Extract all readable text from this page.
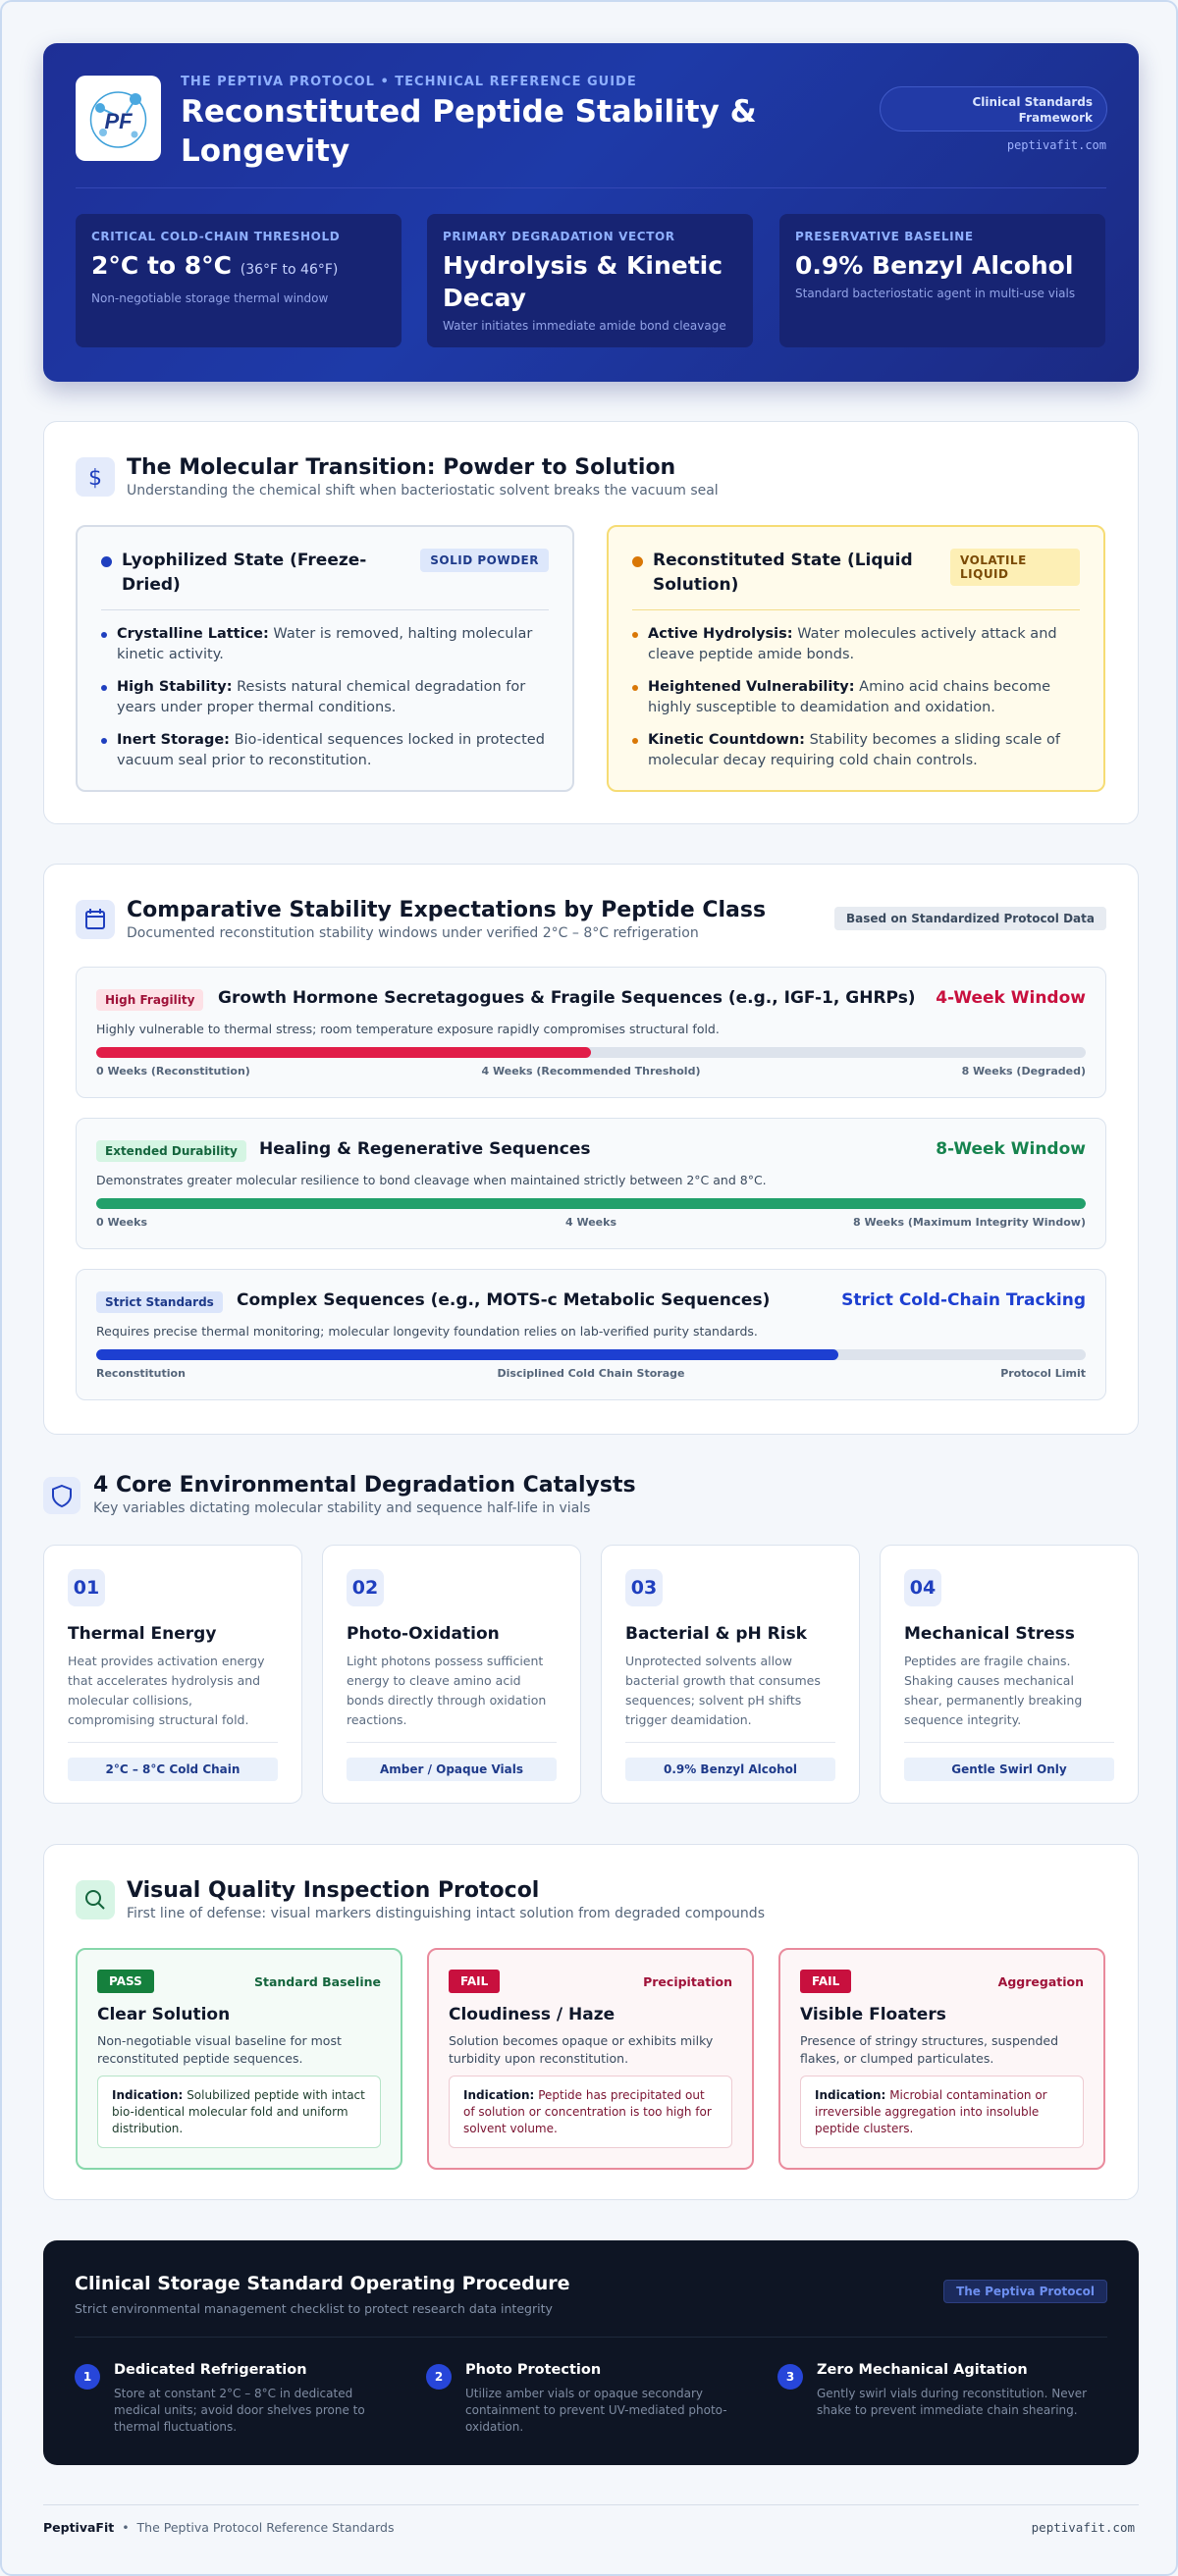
PF
THE PEPTIVA PROTOCOL • TECHNICAL REFERENCE GUIDE
Reconstituted Peptide Stability & Longevity
Clinical Standards
Framework
peptivafit.com
CRITICAL COLD-CHAIN THRESHOLD
2°C to 8°C (36°F to 46°F)
Non-negotiable storage thermal window
PRIMARY DEGRADATION VECTOR
Hydrolysis & Kinetic Decay
Water initiates immediate amide bond cleavage
PRESERVATIVE BASELINE
0.9% Benzyl Alcohol
Standard bacteriostatic agent in multi-use vials
$ The Molecular Transition: Powder to Solution
Understanding the chemical shift when bacteriostatic solvent breaks the vacuum seal
Lyophilized State (Freeze-Dried)
SOLID POWDER
Crystalline Lattice: Water is removed, halting molecular kinetic activity.
High Stability: Resists natural chemical degradation for years under proper thermal conditions.
Inert Storage: Bio-identical sequences locked in protected vacuum seal prior to reconstitution.
Reconstituted State (Liquid Solution)
VOLATILE LIQUID
Active Hydrolysis: Water molecules actively attack and cleave peptide amide bonds.
Heightened Vulnerability: Amino acid chains become highly susceptible to deamidation and oxidation.
Kinetic Countdown: Stability becomes a sliding scale of molecular decay requiring cold chain controls.
Comparative Stability Expectations by Peptide Class
Documented reconstitution stability windows under verified 2°C – 8°C refrigeration
Based on Standardized Protocol Data
High Fragility	Growth Hormone Secretagogues & Fragile Sequences (e.g., IGF-1, GHRPs) 4-Week Window
Highly vulnerable to thermal stress; room temperature exposure rapidly compromises structural fold.
0 Weeks (Reconstitution)	4 Weeks (Recommended Threshold)	8 Weeks (Degraded)
Extended Durability	Healing & Regenerative Sequences	8-Week Window
Demonstrates greater molecular resilience to bond cleavage when maintained strictly between 2°C and 8°C.
0 Weeks	4 Weeks	8 Weeks (Maximum Integrity Window)
Strict Standards	Complex Sequences (e.g., MOTS-c Metabolic Sequences)	Strict Cold-Chain Tracking
Requires precise thermal monitoring; molecular longevity foundation relies on lab-verified purity standards.
Reconstitution	Disciplined Cold Chain Storage	Protocol Limit
4 Core Environmental Degradation Catalysts
Key variables dictating molecular stability and sequence half-life in vials
01
Thermal Energy
Heat provides activation energy that accelerates hydrolysis and molecular collisions, compromising structural fold.
2°C – 8°C Cold Chain
02
Photo-Oxidation
Light photons possess sufficient energy to cleave amino acid bonds directly through oxidation reactions.
Amber / Opaque Vials
03
Bacterial & pH Risk
Unprotected solvents allow bacterial growth that consumes sequences; solvent pH shifts trigger deamidation.
0.9% Benzyl Alcohol
04
Mechanical Stress
Peptides are fragile chains. Shaking causes mechanical shear, permanently breaking sequence integrity.
Gentle Swirl Only
Visual Quality Inspection Protocol
First line of defense: visual markers distinguishing intact solution from degraded compounds
PASS	Standard Baseline
Clear Solution
Non-negotiable visual baseline for most reconstituted peptide sequences.
Indication: Solubilized peptide with intact bio-identical molecular fold and uniform distribution.
FAIL	Precipitation
Cloudiness / Haze
Solution becomes opaque or exhibits milky turbidity upon reconstitution.
Indication: Peptide has precipitated out of solution or concentration is too high for solvent volume.
FAIL	Aggregation
Visible Floaters
Presence of stringy structures, suspended flakes, or clumped particulates.
Indication: Microbial contamination or irreversible aggregation into insoluble peptide clusters.
Clinical Storage Standard Operating Procedure
Strict environmental management checklist to protect research data integrity
The Peptiva Protocol
1	Dedicated Refrigeration
Store at constant 2°C – 8°C in dedicated medical units; avoid door shelves prone to thermal fluctuations.
2	Photo Protection
Utilize amber vials or opaque secondary containment to prevent UV-mediated photo-oxidation.
3	Zero Mechanical Agitation
Gently swirl vials during reconstitution. Never shake to prevent immediate chain shearing.
PeptivaFit • The Peptiva Protocol Reference Standards	peptivafit.com
